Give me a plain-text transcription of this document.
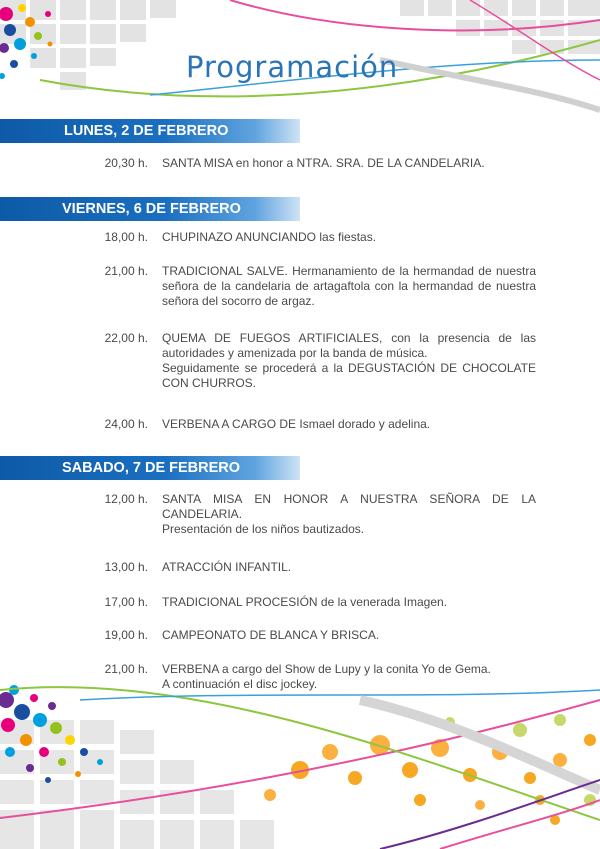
Programación
LUNES, 2 DE FEBRERO
20,30 h. SANTA MISA en honor a NTRA. SRA. DE LA CANDELARIA.
VIERNES, 6 DE FEBRERO
18,00 h. CHUPINAZO ANUNCIANDO las fiestas.
21,00 h. TRADICIONAL SALVE. Hermanamiento de la hermandad de nuestra señora de la candelaria de artagaftola con la hermandad de nuestra señora del socorro de argaz.
22,00 h. QUEMA DE FUEGOS ARTIFICIALES, con la presencia de las autoridades y amenizada por la banda de música.
Seguidamente se procederá a la DEGUSTACIÓN DE CHOCOLATE CON CHURROS.
24,00 h. VERBENA A CARGO DE Ismael dorado y adelina.
SABADO, 7 DE FEBRERO
12,00 h. SANTA MISA EN HONOR A NUESTRA SEÑORA DE LA CANDELARIA.
Presentación de los niños bautizados.
13,00 h. ATRACCIÓN INFANTIL.
17,00 h. TRADICIONAL PROCESIÓN de la venerada Imagen.
19,00 h. CAMPEONATO DE BLANCA Y BRISCA.
21,00 h. VERBENA a cargo del Show de Lupy y la conita Yo de Gema.
A continuación el disc jockey.
